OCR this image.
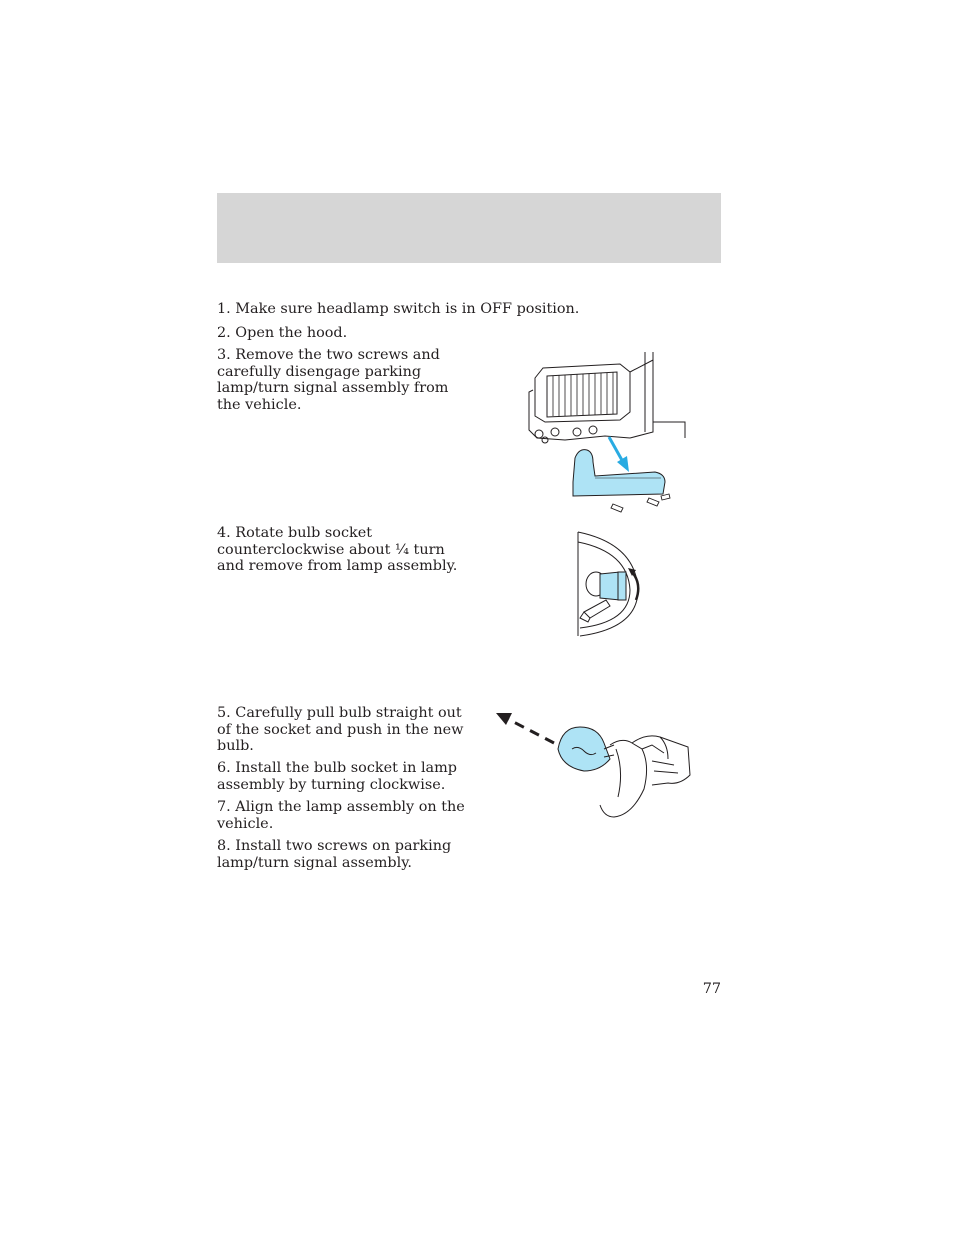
1. Make sure headlamp switch is in OFF position.

2. Open the hood.

3. Remove the two screws and carefully disengage parking lamp/turn signal assembly from the vehicle.

4. Rotate bulb socket counterclockwise about ¹⁄₄ turn and remove from lamp assembly.

5. Carefully pull bulb straight out of the socket and push in the new bulb.

6. Install the bulb socket in lamp assembly by turning clockwise.

7. Align the lamp assembly on the vehicle.

8. Install two screws on parking lamp/turn signal assembly.

77
